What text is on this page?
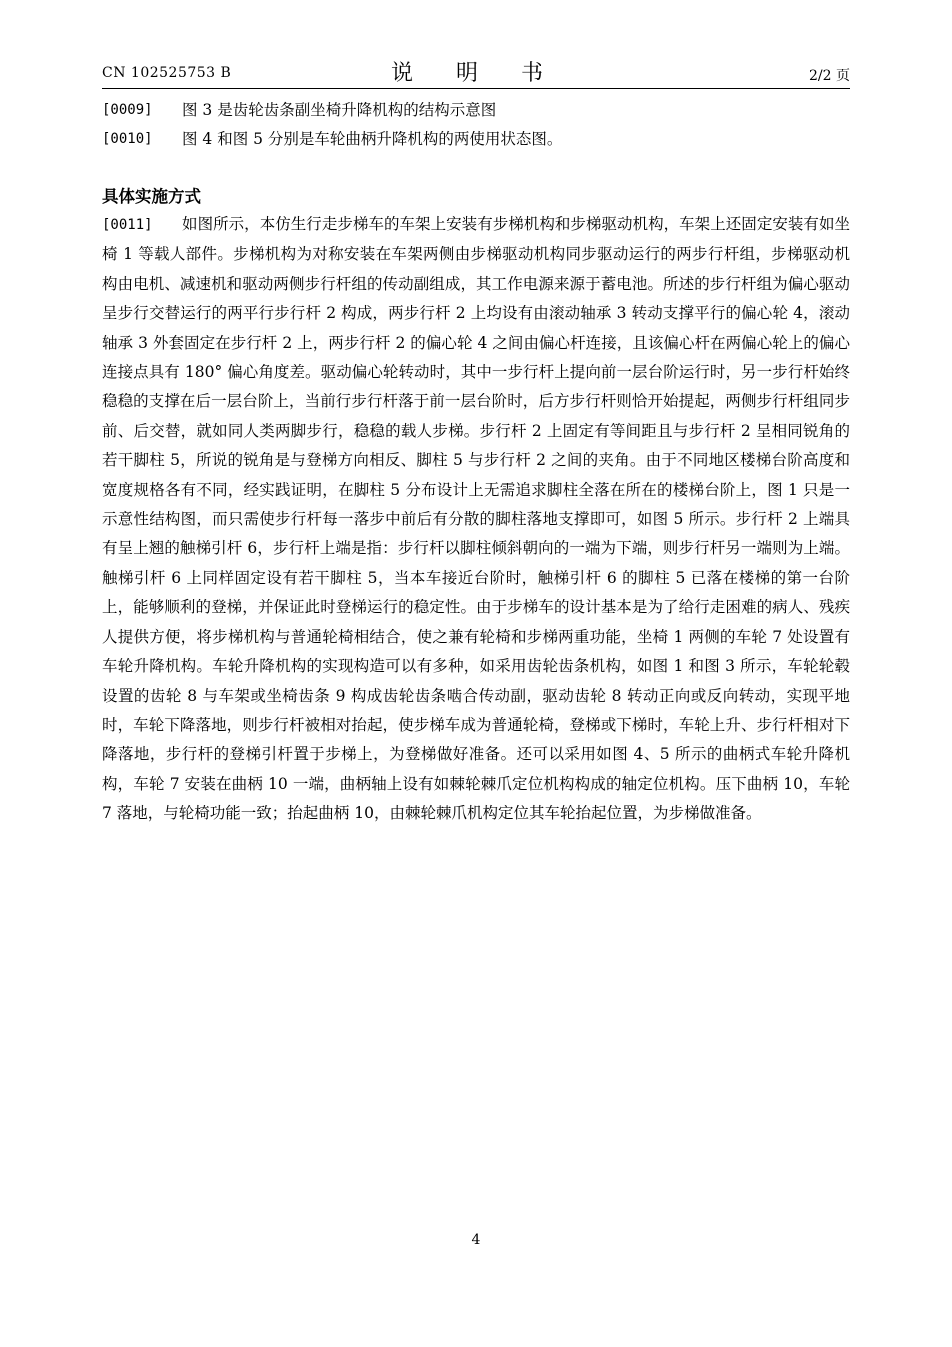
CN 102525753 B	说 明 书	2/2 页
[0009]	图 3 是齿轮齿条副坐椅升降机构的结构示意图
[0010]	图 4 和图 5 分别是车轮曲柄升降机构的两使用状态图。
具体实施方式
[0011] 如图所示，本仿生行走步梯车的车架上安装有步梯机构和步梯驱动机构，车架上还固定安装有如坐椅 1 等载人部件。步梯机构为对称安装在车架两侧由步梯驱动机构同步驱动运行的两步行杆组，步梯驱动机构由电机、减速机和驱动两侧步行杆组的传动副组成，其工作电源来源于蓄电池。所述的步行杆组为偏心驱动呈步行交替运行的两平行步行杆 2 构成，两步行杆 2 上均设有由滚动轴承 3 转动支撑平行的偏心轮 4，滚动轴承 3 外套固定在步行杆 2 上，两步行杆 2 的偏心轮 4 之间由偏心杆连接，且该偏心杆在两偏心轮上的偏心连接点具有 180° 偏心角度差。驱动偏心轮转动时，其中一步行杆上提向前一层台阶运行时，另一步行杆始终稳稳的支撑在后一层台阶上，当前行步行杆落于前一层台阶时，后方步行杆则恰开始提起，两侧步行杆组同步前、后交替，就如同人类两脚步行，稳稳的载人步梯。步行杆 2 上固定有等间距且与步行杆 2 呈相同锐角的若干脚柱 5，所说的锐角是与登梯方向相反、脚柱 5 与步行杆 2 之间的夹角。由于不同地区楼梯台阶高度和宽度规格各有不同，经实践证明，在脚柱 5 分布设计上无需追求脚柱全落在所在的楼梯台阶上，图 1 只是一示意性结构图，而只需使步行杆每一落步中前后有分散的脚柱落地支撑即可，如图 5 所示。步行杆 2 上端具有呈上翘的触梯引杆 6，步行杆上端是指：步行杆以脚柱倾斜朝向的一端为下端，则步行杆另一端则为上端。触梯引杆 6 上同样固定设有若干脚柱 5，当本车接近台阶时，触梯引杆 6 的脚柱 5 已落在楼梯的第一台阶上，能够顺利的登梯，并保证此时登梯运行的稳定性。由于步梯车的设计基本是为了给行走困难的病人、残疾人提供方便，将步梯机构与普通轮椅相结合，使之兼有轮椅和步梯两重功能，坐椅 1 两侧的车轮 7 处设置有车轮升降机构。车轮升降机构的实现构造可以有多种，如采用齿轮齿条机构，如图 1 和图 3 所示，车轮轮毂设置的齿轮 8 与车架或坐椅齿条 9 构成齿轮齿条啮合传动副，驱动齿轮 8 转动正向或反向转动，实现平地时，车轮下降落地，则步行杆被相对抬起，使步梯车成为普通轮椅，登梯或下梯时，车轮上升、步行杆相对下降落地，步行杆的登梯引杆置于步梯上，为登梯做好准备。还可以采用如图 4、5 所示的曲柄式车轮升降机构，车轮 7 安装在曲柄 10 一端，曲柄轴上设有如棘轮棘爪定位机构构成的轴定位机构。压下曲柄 10，车轮 7 落地，与轮椅功能一致；抬起曲柄 10，由棘轮棘爪机构定位其车轮抬起位置，为步梯做准备。
4
